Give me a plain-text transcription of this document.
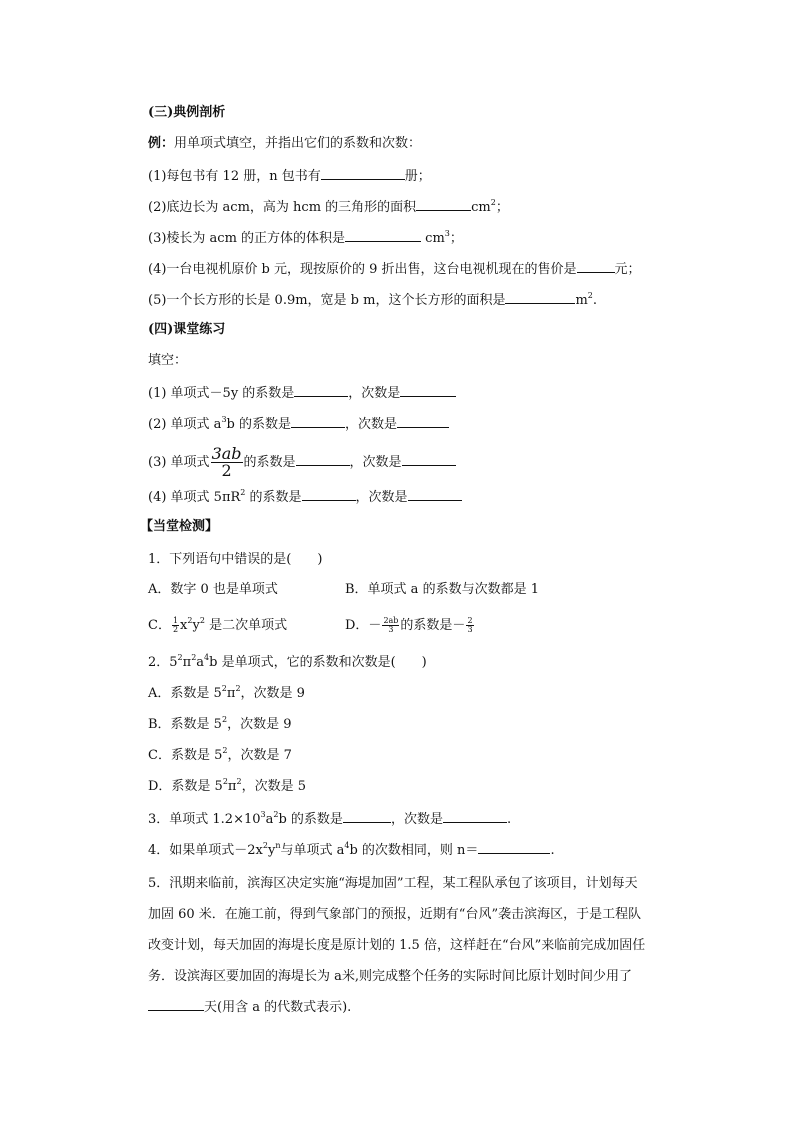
(三)典例剖析
例：用单项式填空，并指出它们的系数和次数：
(1)每包书有 12 册，n 包书有	册；
(2)底边长为 acm，高为 hcm 的三角形的面积	$cm^2$；
(3)棱长为 acm 的正方体的体积是	$cm^3$；
(4)一台电视机原价 b 元，现按原价的 9 折出售，这台电视机现在的售价是	元；
(5)一个长方形的长是 0.9m，宽是 b m，这个长方形的面积是	$m^2$.
(四)课堂练习
填空：
(1) 单项式－5y 的系数是	，次数是
(2) 单项式 $a^3b$ 的系数是	，次数是
(3) 单项式 $\frac{3ab}{2}$ 的系数是	，次数是
(4) 单项式 $5\pi R^2$ 的系数是	，次数是
【当堂检测】
1．下列语句中错误的是(　　)
A．数字 0 也是单项式	B．单项式 a 的系数与次数都是 1
C． $\frac{1}{2} x^2y^2$ 是二次单项式	D．－ $\frac{2ab}{3}$ 的系数是－ $\frac{2}{3}$
2．$5^2\pi^2a^4b$ 是单项式，它的系数和次数是(　　)
A．系数是 $5^2\pi^2$，次数是 9
B．系数是 $5^2$，次数是 9
C．系数是 $5^2$，次数是 7
D．系数是 $5^2\pi^2$，次数是 5
3．单项式 $1.2\times 10^3a^2b$ 的系数是	，次数是	.
4．如果单项式$-2x^2y^n$与单项式 $a^4b$ 的次数相同，则 n＝	.
5．汛期来临前，滨海区决定实施“海堤加固”工程，某工程队承包了该项目，计划每天加固 60 米．在施工前，得到气象部门的预报，近期有“台风”袭击滨海区，于是工程队改变计划，每天加固的海堤长度是原计划的 1.5 倍，这样赶在“台风”来临前完成加固任务．设滨海区要加固的海堤长为 a米,则完成整个任务的实际时间比原计划时间少用了天(用含 a 的代数式表示).
